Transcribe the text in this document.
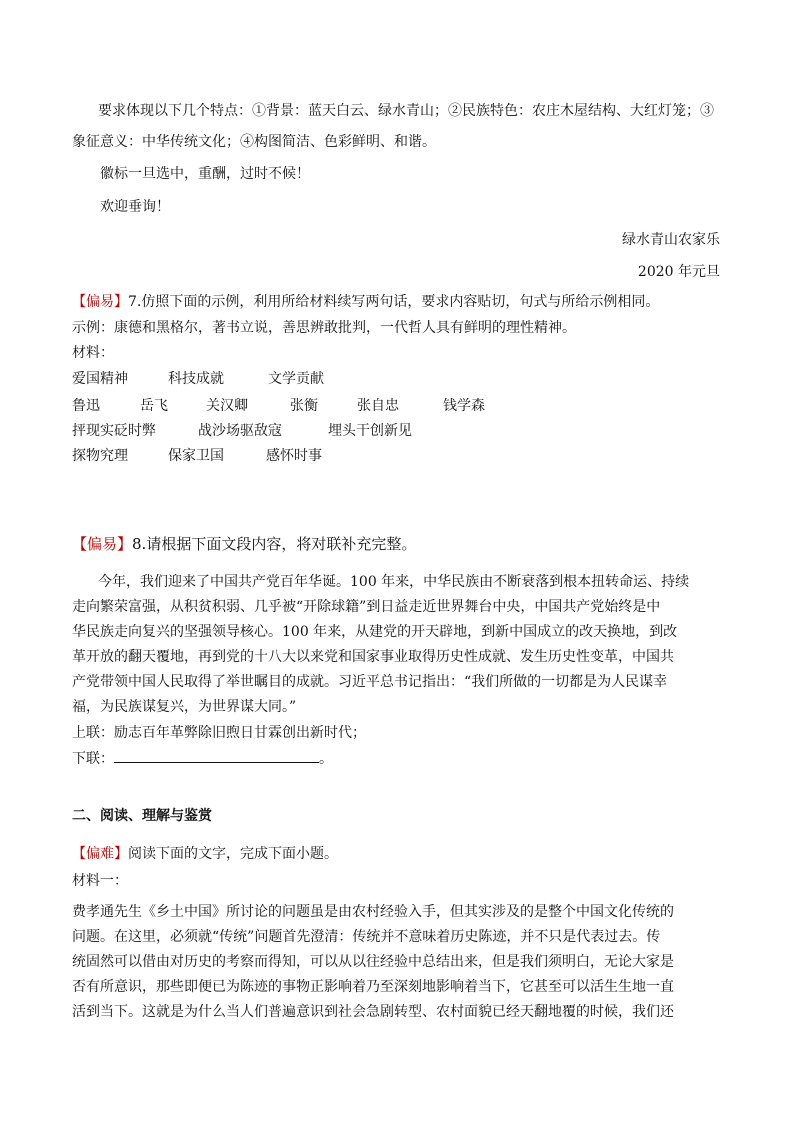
要求体现以下几个特点：①背景：蓝天白云、绿水青山；②民族特色：农庄木屋结构、大红灯笼；③
象征意义：中华传统文化；④构图简洁、色彩鲜明、和谐。
徽标一旦选中，重酬，过时不候！
欢迎垂询！
绿水青山农家乐
2020 年元旦
【偏易】7.仿照下面的示例，利用所给材料续写两句话，要求内容贴切，句式与所给示例相同。
示例：康德和黑格尔，著书立说，善思辨敢批判，一代哲人具有鲜明的理性精神。
材料：
爱国精神	科技成就	文学贡献
鲁迅	岳飞	关汉卿	张衡	张自忠	钱学森
抨现实砭时弊	战沙场驱敌寇	埋头干创新见
探物究理	保家卫国	感怀时事
【偏易】8.请根据下面文段内容，将对联补充完整。
今年，我们迎来了中国共产党百年华诞。100 年来，中华民族由不断衰落到根本扭转命运、持续
走向繁荣富强，从积贫积弱、几乎被“开除球籍”到日益走近世界舞台中央，中国共产党始终是中
华民族走向复兴的坚强领导核心。100 年来，从建党的开天辟地，到新中国成立的改天换地，到改
革开放的翻天覆地，再到党的十八大以来党和国家事业取得历史性成就、发生历史性变革，中国共
产党带领中国人民取得了举世瞩目的成就。习近平总书记指出：“我们所做的一切都是为人民谋幸
福，为民族谋复兴，为世界谋大同。”
上联：励志百年革弊除旧煦日甘霖创出新时代；
下联：	。
二、阅读、理解与鉴赏
【偏难】阅读下面的文字，完成下面小题。
材料一：
费孝通先生《乡土中国》所讨论的问题虽是由农村经验入手，但其实涉及的是整个中国文化传统的
问题。在这里，必须就“传统”问题首先澄清：传统并不意味着历史陈迹，并不只是代表过去。传
统固然可以借由对历史的考察而得知，可以从以往经验中总结出来，但是我们须明白，无论大家是
否有所意识，那些即便已为陈迹的事物正影响着乃至深刻地影响着当下，它甚至可以活生生地一直
活到当下。这就是为什么当人们普遍意识到社会急剧转型、农村面貌已经天翻地覆的时候，我们还
